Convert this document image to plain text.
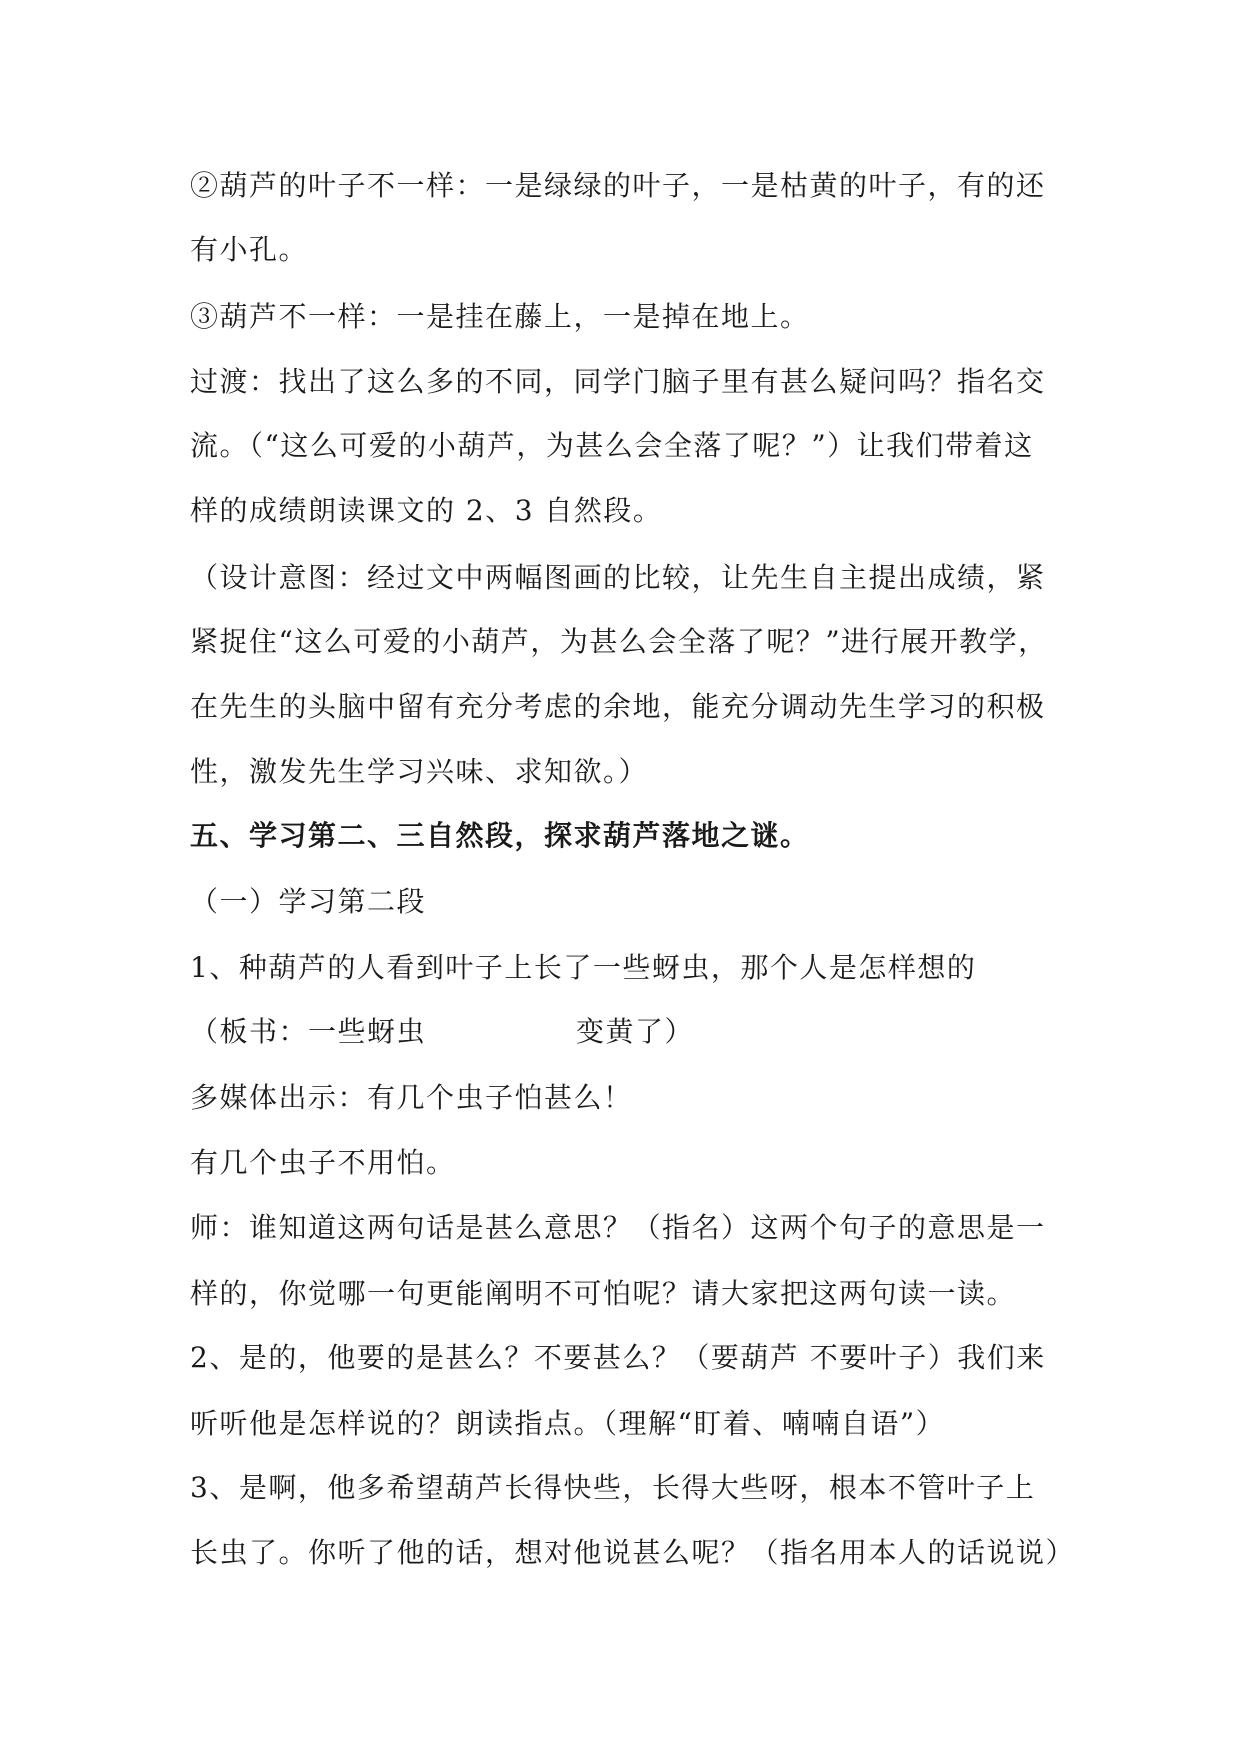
②葫芦的叶子不一样：一是绿绿的叶子，一是枯黄的叶子，有的还
有小孔。
③葫芦不一样：一是挂在藤上，一是掉在地上。
过渡：找出了这么多的不同，同学门脑子里有甚么疑问吗？指名交
流。（“这么可爱的小葫芦，为甚么会全落了呢？”）让我们带着这
样的成绩朗读课文的 2、3 自然段。
（设计意图：经过文中两幅图画的比较，让先生自主提出成绩，紧
紧捉住“这么可爱的小葫芦，为甚么会全落了呢？”进行展开教学，
在先生的头脑中留有充分考虑的余地，能充分调动先生学习的积极
性，激发先生学习兴味、求知欲。）
五、学习第二、三自然段，探求葫芦落地之谜。
（一）学习第二段
1、种葫芦的人看到叶子上长了一些蚜虫，那个人是怎样想的
（板书：一些蚜虫	变黄了）
多媒体出示：有几个虫子怕甚么！
有几个虫子不用怕。
师：谁知道这两句话是甚么意思？（指名）这两个句子的意思是一
样的，你觉哪一句更能阐明不可怕呢？请大家把这两句读一读。
2、是的，他要的是甚么？不要甚么？（要葫芦 不要叶子）我们来
听听他是怎样说的？朗读指点。（理解“盯着、喃喃自语”）
3、是啊，他多希望葫芦长得快些，长得大些呀，根本不管叶子上
长虫了。你听了他的话，想对他说甚么呢？（指名用本人的话说说）
